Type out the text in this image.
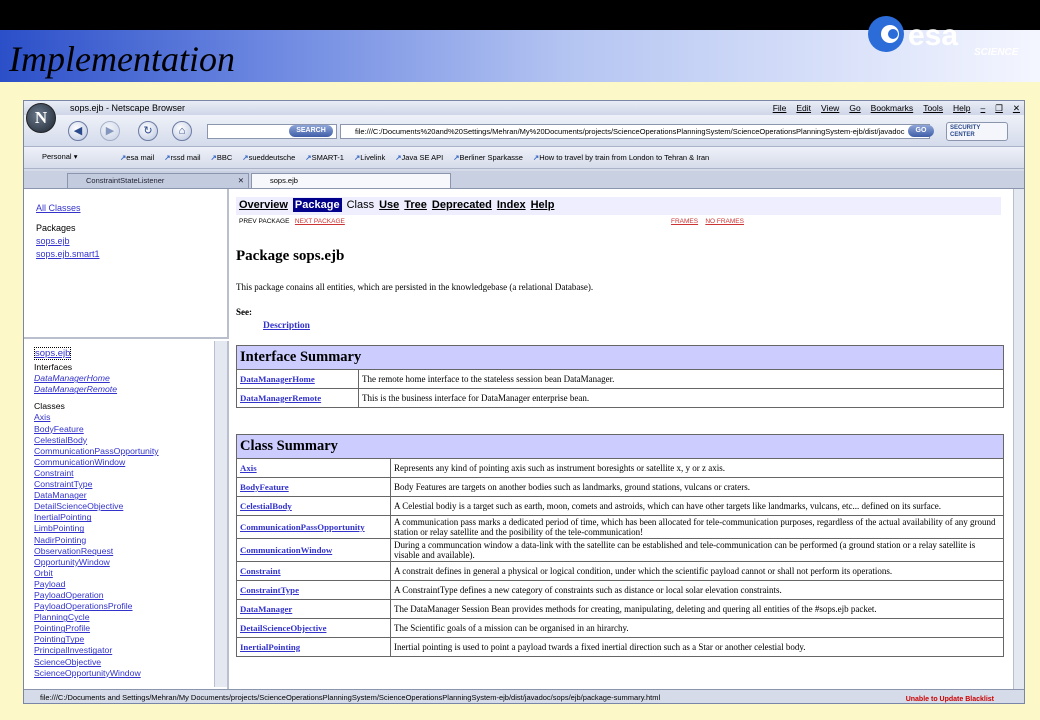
Implementation
esa
SCIENCE
sops.ejb - Netscape Browser	File Edit View Go Bookmarks Tools Help – ❐ ✕
◀	▶	↻	⌂	SEARCH	file:///C:/Documents%20and%20Settings/Mehran/My%20Documents/projects/ScienceOperationsPlanningSystem/ScienceOperationsPlanningSystem-ejb/dist/javadoc	GO	SECURITY
CENTER
N
Personal ▾	↗ esa mail	↗ rssd mail	↗ BBC	↗ sueddeutsche	↗ SMART-1	↗ Livelink	↗ Java SE API	↗ Berliner Sparkasse	↗ How to travel by train from London to Tehran & Iran
ConstraintStateListener	✕	sops.ejb
All Classes
Packages
sops.ejb
sops.ejb.smart1
sops.ejb
Interfaces
DataManagerHome
DataManagerRemote
Classes
Axis
BodyFeature
CelestialBody
CommunicationPassOpportunity
CommunicationWindow
Constraint
ConstraintType
DataManager
DetailScienceObjective
InertialPointing
LimbPointing
NadirPointing
ObservationRequest
OpportunityWindow
Orbit
Payload
PayloadOperation
PayloadOperationsProfile
PlanningCycle
PointingProfile
PointingType
PrincipalInvestigator
ScienceObjective
ScienceOpportunityWindow
Overview Package Class Use Tree Deprecated Index Help
PREV PACKAGE NEXT PACKAGE	FRAMES NO FRAMES
Package sops.ejb
This package conains all entities, which are persisted in the knowledgebase (a relational Database).
See:
Description
Interface Summary	
DataManagerHome	The remote home interface to the stateless session bean DataManager.
DataManagerRemote	This is the business interface for DataManager enterprise bean.
Class Summary	
Axis	Represents any kind of pointing axis such as instrument boresights or satellite x, y or z axis.
BodyFeature	Body Features are targets on another bodies such as landmarks, ground stations, vulcans or craters.
CelestialBody	A Celestial bodiy is a target such as earth, moon, comets and astroids, which can have other targets like landmarks, vulcans, etc... defined on its surface.
CommunicationPassOpportunity	A communication pass marks a dedicated period of time, which has been allocated for tele-communication purposes, regardless of the actual availability of any ground station or relay satellite and the posibility of the tele-communication!
CommunicationWindow	During a communcation window a data-link with the satellite can be established and tele-communication can be performed (a ground station or a relay satellite is visable and available).
Constraint	A constrait defines in general a physical or logical condition, under which the scientific payload cannot or shall not perform its operations.
ConstraintType	A ConstraintType defines a new category of constraints such as distance or local solar elevation constraints.
DataManager	The DataManager Session Bean provides methods for creating, manipulating, deleting and quering all entities of the #sops.ejb packet.
DetailScienceObjective	The Scientific goals of a mission can be organised in an hirarchy.
InertialPointing	Inertial pointing is used to point a payload twards a fixed inertial direction such as a Star or another celestial body.
file:///C:/Documents and Settings/Mehran/My Documents/projects/ScienceOperationsPlanningSystem/ScienceOperationsPlanningSystem-ejb/dist/javadoc/sops/ejb/package-summary.html	Unable to Update Blacklist
